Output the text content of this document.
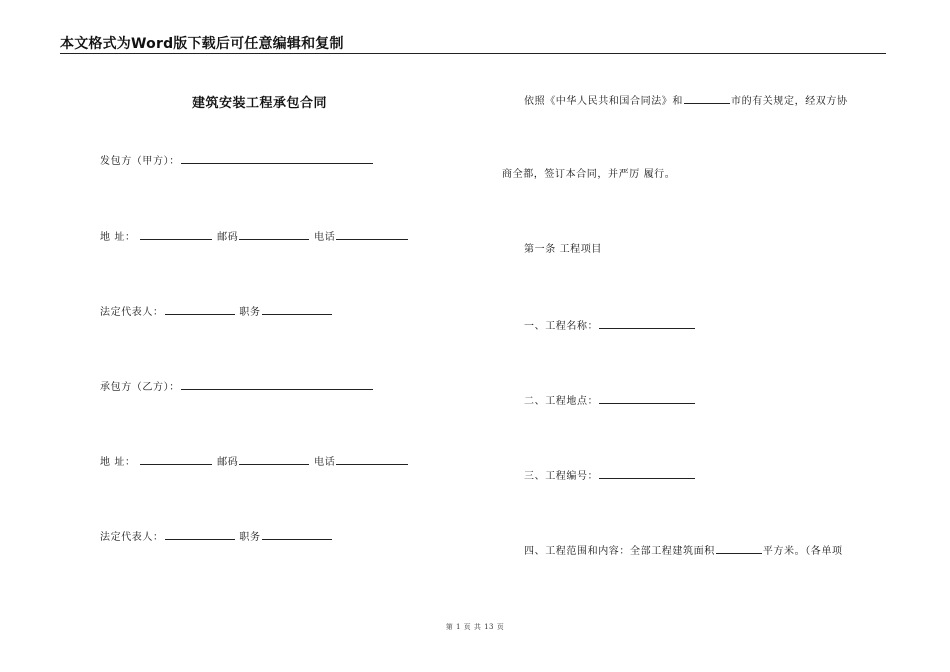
本文格式为Word版下载后可任意编辑和复制
建筑安装工程承包合同
发包方（甲方）：
地 址：	邮码	电话
法定代表人：	职务
承包方（乙方）：
地 址：	邮码	电话
法定代表人：	职务
依照《中华人民共和国合同法》和	市的有关规定，经双方协
商全都，签订本合同，并严厉 履行。
第一条 工程项目
一、工程名称：
二、工程地点：
三、工程编号：
四、工程范围和内容：全部工程建筑面积	平方米。（各单项
第 1 页 共 13 页
